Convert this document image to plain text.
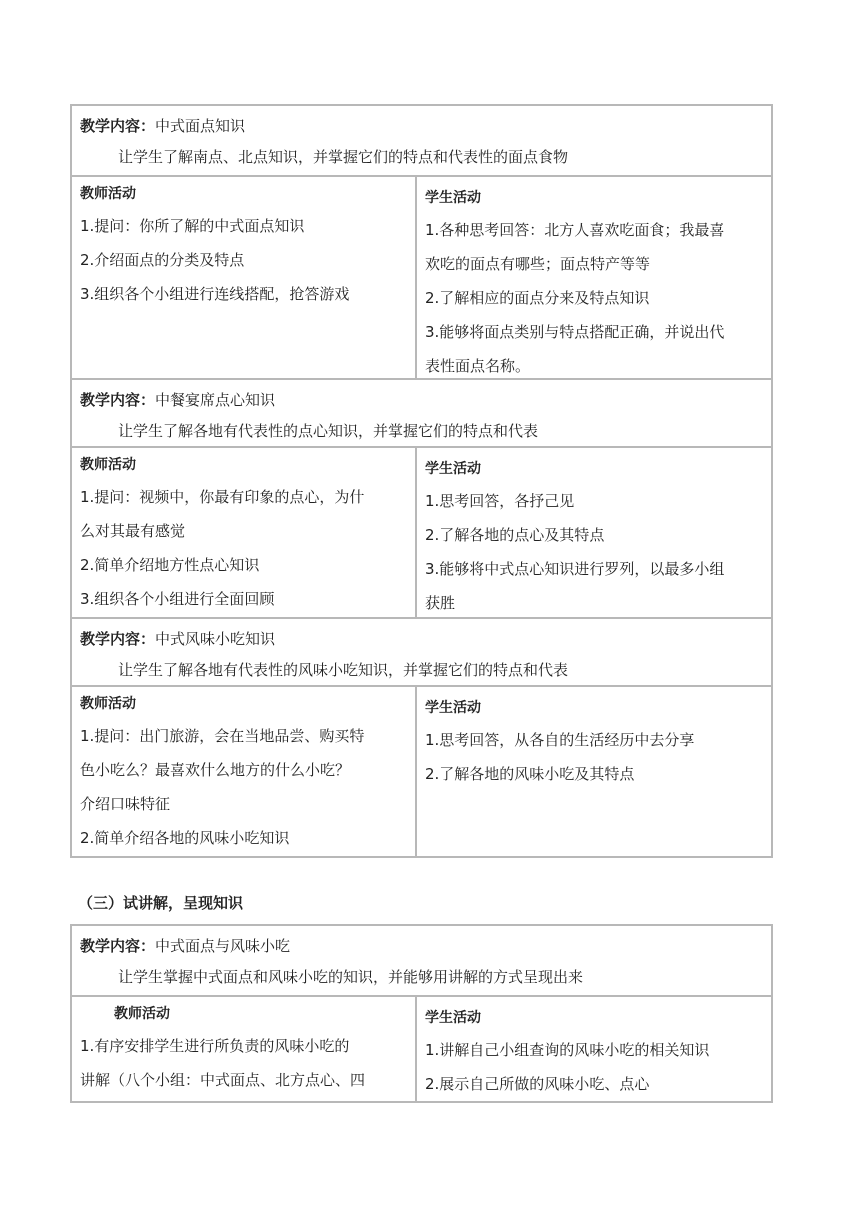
教学内容：中式面点知识
让学生了解南点、北点知识，并掌握它们的特点和代表性的面点食物
教师活动
1.提问：你所了解的中式面点知识
2.介绍面点的分类及特点
3.组织各个小组进行连线搭配，抢答游戏
学生活动
1.各种思考回答：北方人喜欢吃面食；我最喜
欢吃的面点有哪些；面点特产等等
2.了解相应的面点分来及特点知识
3.能够将面点类别与特点搭配正确，并说出代
表性面点名称。
教学内容：中餐宴席点心知识
让学生了解各地有代表性的点心知识，并掌握它们的特点和代表
教师活动
1.提问：视频中，你最有印象的点心，为什
么对其最有感觉
2.简单介绍地方性点心知识
3.组织各个小组进行全面回顾
学生活动
1.思考回答，各抒己见
2.了解各地的点心及其特点
3.能够将中式点心知识进行罗列，以最多小组
获胜
教学内容：中式风味小吃知识
让学生了解各地有代表性的风味小吃知识，并掌握它们的特点和代表
教师活动
1.提问：出门旅游，会在当地品尝、购买特
色小吃么？最喜欢什么地方的什么小吃？
介绍口味特征
2.简单介绍各地的风味小吃知识
学生活动
1.思考回答，从各自的生活经历中去分享
2.了解各地的风味小吃及其特点
（三）试讲解，呈现知识
教学内容：中式面点与风味小吃
让学生掌握中式面点和风味小吃的知识，并能够用讲解的方式呈现出来
教师活动
1.有序安排学生进行所负责的风味小吃的
讲解（八个小组：中式面点、北方点心、四
学生活动
1.讲解自己小组查询的风味小吃的相关知识
2.展示自己所做的风味小吃、点心
